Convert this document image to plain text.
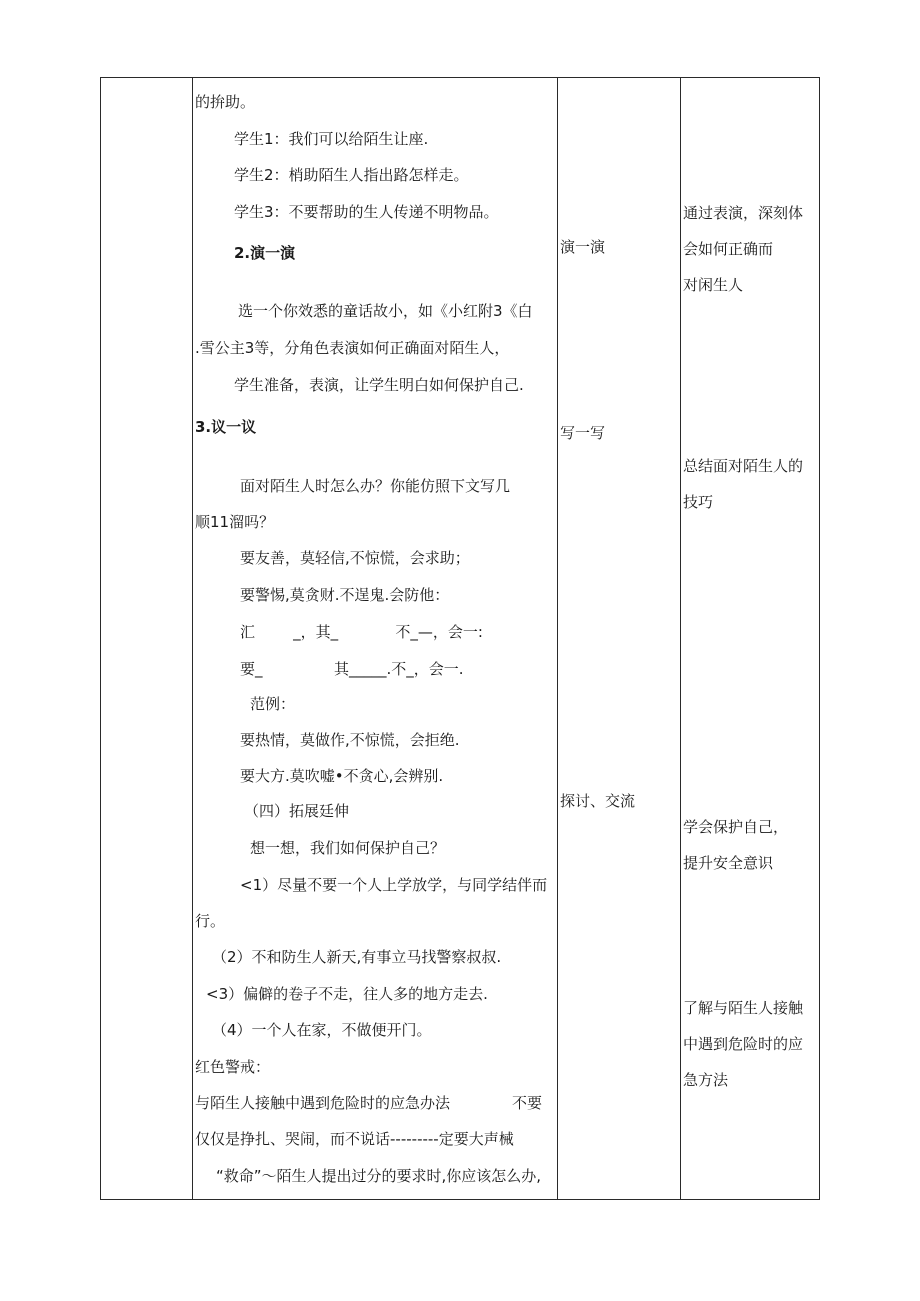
的拚助。
学生1：我们可以给陌生让座.
学生2：梢助陌生人指出路怎样走。
学生3：不要帮助的生人传递不明物品。
2.演一演
选一个你效悉的童话故小，如《小红附3《白
.雪公主3等，分角色表演如何正确面对陌生人，
学生准备，表演，让学生明白如何保护自己.
3.议一议
面对陌生人时怎么办？你能仿照下文写几
顺11溜吗？
要友善，莫轻信,不惊慌，会求助；
要警惕,莫贪财.不逞鬼.会防他：
汇        _，其_            不_—，会一:
要_               其_____.不_，会一.
范例：
要热情，莫做作,不惊慌，会拒绝.
要大方.莫吹嘘•不贪心,会辨别.
（四）拓展廷伸
想一想，我们如何保护自己？
<1）尽量不要一个人上学放学，与同学结伴而
行。
（2）不和防生人新天,有事立马找警察叔叔.
<3）偏僻的卷子不走，往人多的地方走去.
（4）一个人在家，不做便开门。
红色警戒：
与陌生人接触中遇到危险时的应急办法             不要
仅仅是挣扎、哭闹，而不说话---------定要大声械
“救命”〜陌生人提出过分的要求时,你应该怎么办,
演一演
写一写
探讨、交流
通过表演，深刻体
会如何正确而
对闲生人
总结面对陌生人的
技巧
学会保护自己，
提升安全意识
了解与陌生人接触
中遇到危险时的应
急方法
